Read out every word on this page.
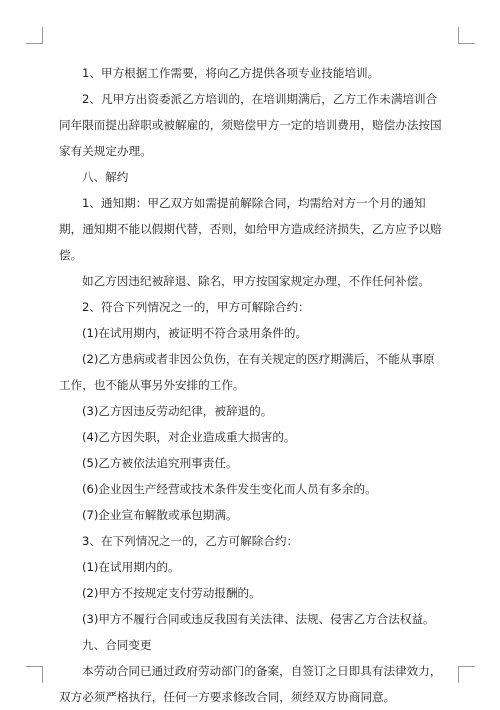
1、甲方根据工作需要，将向乙方提供各项专业技能培训。

2、凡甲方出资委派乙方培训的，在培训期满后，乙方工作未满培训合同年限而提出辞职或被解雇的，须赔偿甲方一定的培训费用，赔偿办法按国家有关规定办理。

八、解约

1、通知期：甲乙双方如需提前解除合同，均需给对方一个月的通知期，通知期不能以假期代替，否则，如给甲方造成经济损失，乙方应予以赔偿。

如乙方因违纪被辞退、除名，甲方按国家规定办理，不作任何补偿。

2、符合下列情况之一的，甲方可解除合约：

(1)在试用期内，被证明不符合录用条件的。

(2)乙方患病或者非因公负伤，在有关规定的医疗期满后，不能从事原工作，也不能从事另外安排的工作。

(3)乙方因违反劳动纪律，被辞退的。

(4)乙方因失职，对企业造成重大损害的。

(5)乙方被依法追究刑事责任。

(6)企业因生产经营或技术条件发生变化而人员有多余的。

(7)企业宣布解散或承包期满。

3、在下列情况之一的，乙方可解除合约：

(1)在试用期内的。

(2)甲方不按规定支付劳动报酬的。

(3)甲方不履行合同或违反我国有关法律、法规、侵害乙方合法权益。

九、合同变更

本劳动合同已通过政府劳动部门的备案，自签订之日即具有法律效力，双方必须严格执行，任何一方要求修改合同，须经双方协商同意。
